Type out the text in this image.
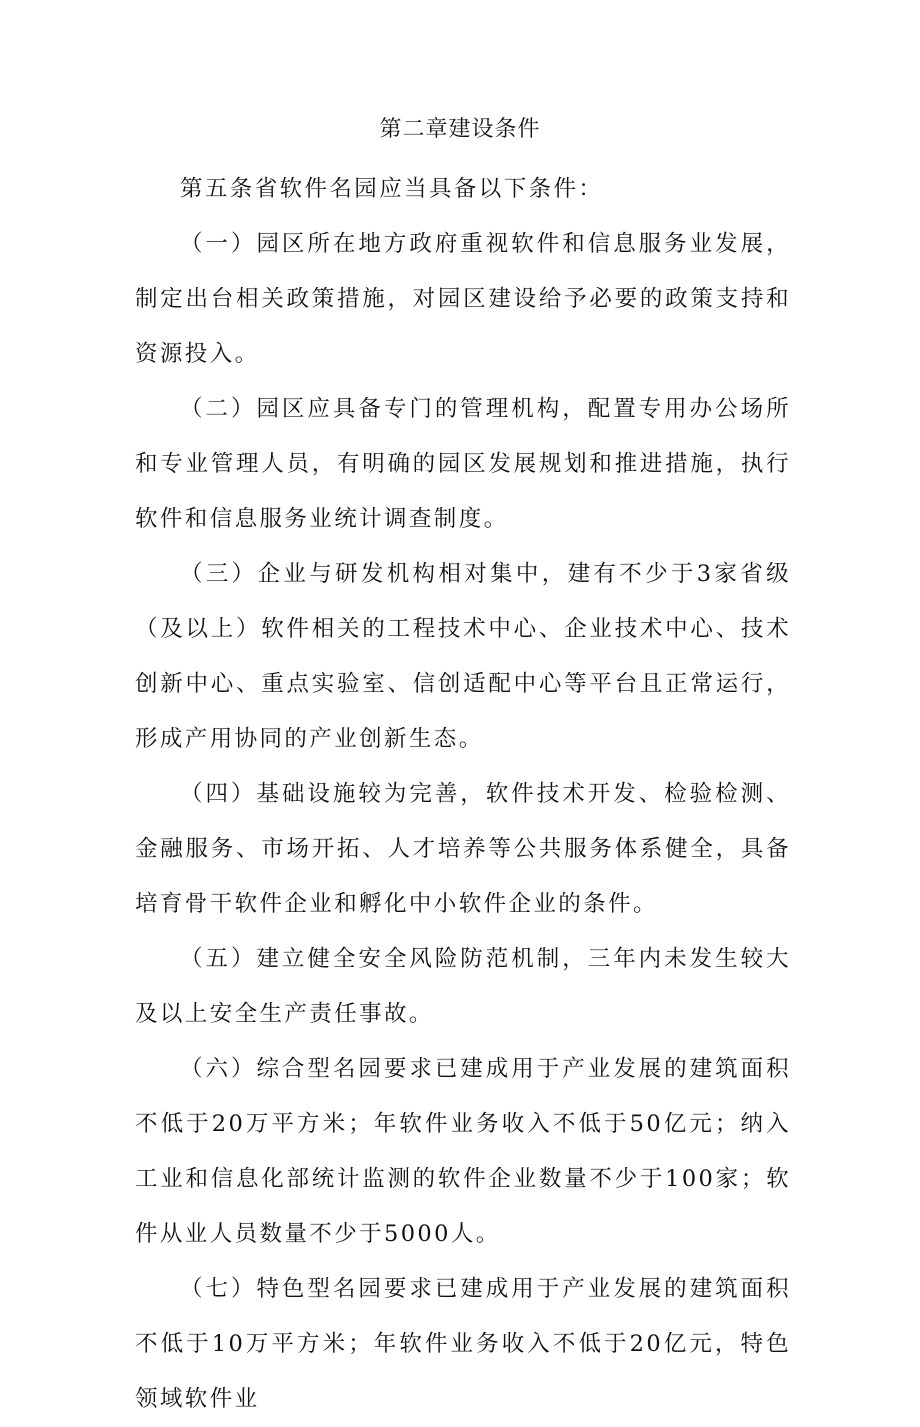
第二章建设条件

第五条省软件名园应当具备以下条件：

（一）园区所在地方政府重视软件和信息服务业发展，制定出台相关政策措施，对园区建设给予必要的政策支持和资源投入。

（二）园区应具备专门的管理机构，配置专用办公场所和专业管理人员，有明确的园区发展规划和推进措施，执行软件和信息服务业统计调查制度。

（三）企业与研发机构相对集中，建有不少于3家省级（及以上）软件相关的工程技术中心、企业技术中心、技术创新中心、重点实验室、信创适配中心等平台且正常运行，形成产用协同的产业创新生态。

（四）基础设施较为完善，软件技术开发、检验检测、金融服务、市场开拓、人才培养等公共服务体系健全，具备培育骨干软件企业和孵化中小软件企业的条件。

（五）建立健全安全风险防范机制，三年内未发生较大及以上安全生产责任事故。

（六）综合型名园要求已建成用于产业发展的建筑面积不低于20万平方米；年软件业务收入不低于50亿元；纳入工业和信息化部统计监测的软件企业数量不少于100家；软件从业人员数量不少于5000人。

（七）特色型名园要求已建成用于产业发展的建筑面积不低于10万平方米；年软件业务收入不低于20亿元，特色领域软件业
